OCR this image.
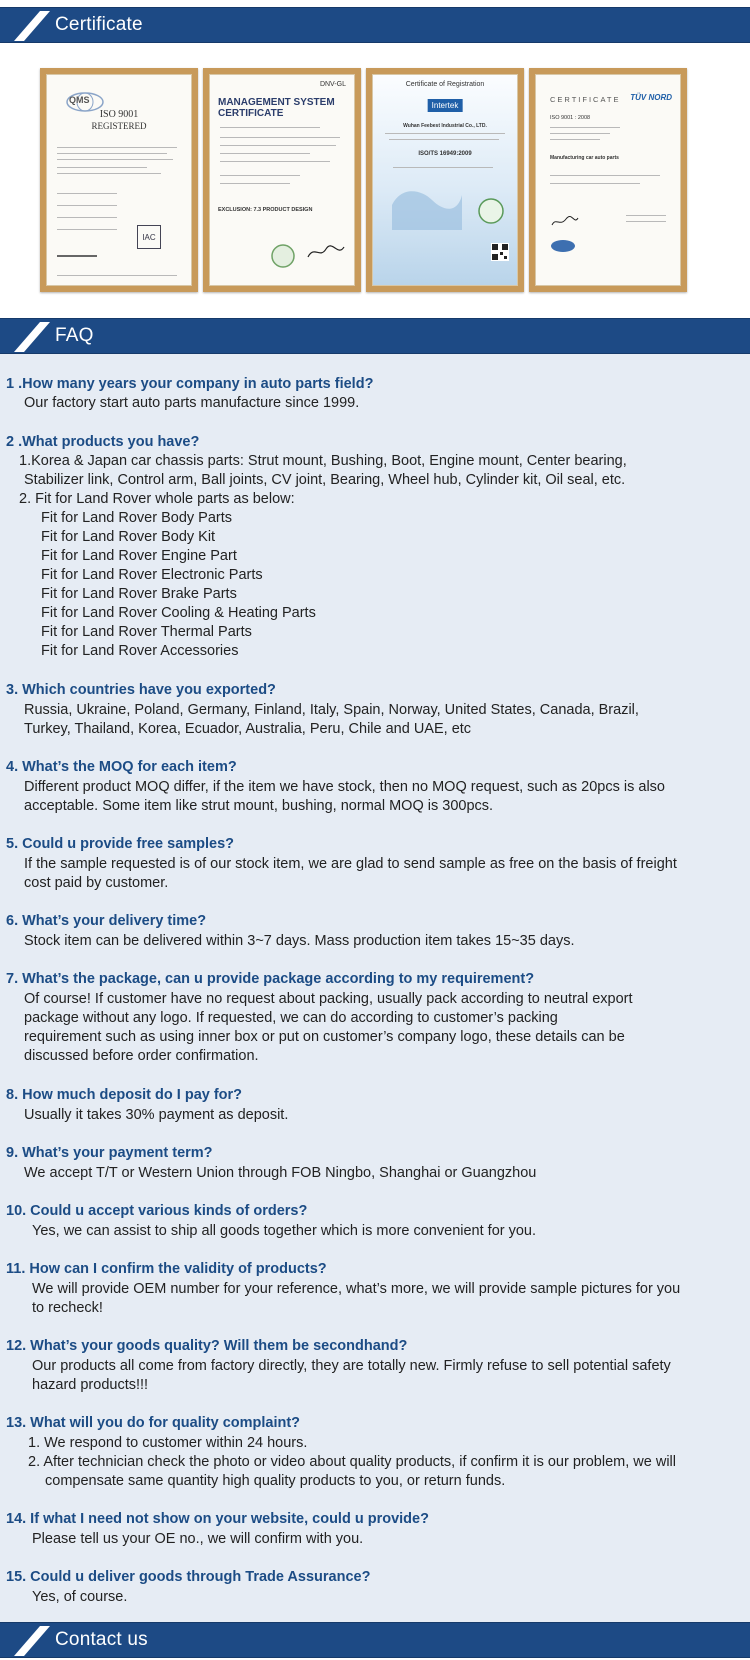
Certificate
QMS
ISO 9001
REGISTERED
IAC
DNV-GL
MANAGEMENT SYSTEM
CERTIFICATE
EXCLUSION: 7.3 PRODUCT DESIGN
Certificate of Registration
Intertek
Wuhan Feebest Industrial Co., LTD.
ISO/TS 16949:2009
CERTIFICATE TÜV NORD
ISO 9001 : 2008
Manufacturing car auto parts
FAQ
1 .How many years your company in auto parts field?
Our factory start auto parts manufacture since 1999.
2 .What products you have?
1.Korea & Japan car chassis parts: Strut mount, Bushing, Boot, Engine mount, Center bearing,
Stabilizer link, Control arm, Ball joints, CV joint, Bearing, Wheel hub, Cylinder kit, Oil seal, etc.
2. Fit for Land Rover whole parts as below:
Fit for Land Rover Body Parts
Fit for Land Rover Body Kit
Fit for Land Rover Engine Part
Fit for Land Rover Electronic Parts
Fit for Land Rover Brake Parts
Fit for Land Rover Cooling & Heating Parts
Fit for Land Rover Thermal Parts
Fit for Land Rover Accessories
3. Which countries have you exported?
Russia, Ukraine, Poland, Germany, Finland, Italy, Spain, Norway, United States, Canada, Brazil,
Turkey, Thailand, Korea, Ecuador, Australia, Peru, Chile and UAE, etc
4. What’s the MOQ for each item?
Different product MOQ differ, if the item we have stock, then no MOQ request, such as 20pcs is also
acceptable. Some item like strut mount, bushing, normal MOQ is 300pcs.
5. Could u provide free samples?
If the sample requested is of our stock item, we are glad to send sample as free on the basis of freight
cost paid by customer.
6. What’s your delivery time?
Stock item can be delivered within 3~7 days. Mass production item takes 15~35 days.
7. What’s the package, can u provide package according to my requirement?
Of course! If customer have no request about packing, usually pack according to neutral export
package without any logo. If requested, we can do according to customer’s packing
requirement such as using inner box or put on customer’s company logo, these details can be
discussed before order confirmation.
8. How much deposit do I pay for?
Usually it takes 30% payment as deposit.
9. What’s your payment term?
We accept T/T or Western Union through FOB Ningbo, Shanghai or Guangzhou
10. Could u accept various kinds of orders?
Yes, we can assist to ship all goods together which is more convenient for you.
11. How can I confirm the validity of products?
We will provide OEM number for your reference, what’s more, we will provide sample pictures for you
to recheck!
12. What’s your goods quality? Will them be secondhand?
Our products all come from factory directly, they are totally new. Firmly refuse to sell potential safety
hazard products!!!
13. What will you do for quality complaint?
1. We respond to customer within 24 hours.
2. After technician check the photo or video about quality products, if confirm it is our problem, we will
compensate same quantity high quality products to you, or return funds.
14. If what I need not show on your website, could u provide?
Please tell us your OE no., we will confirm with you.
15. Could u deliver goods through Trade Assurance?
Yes, of course.
Contact us
